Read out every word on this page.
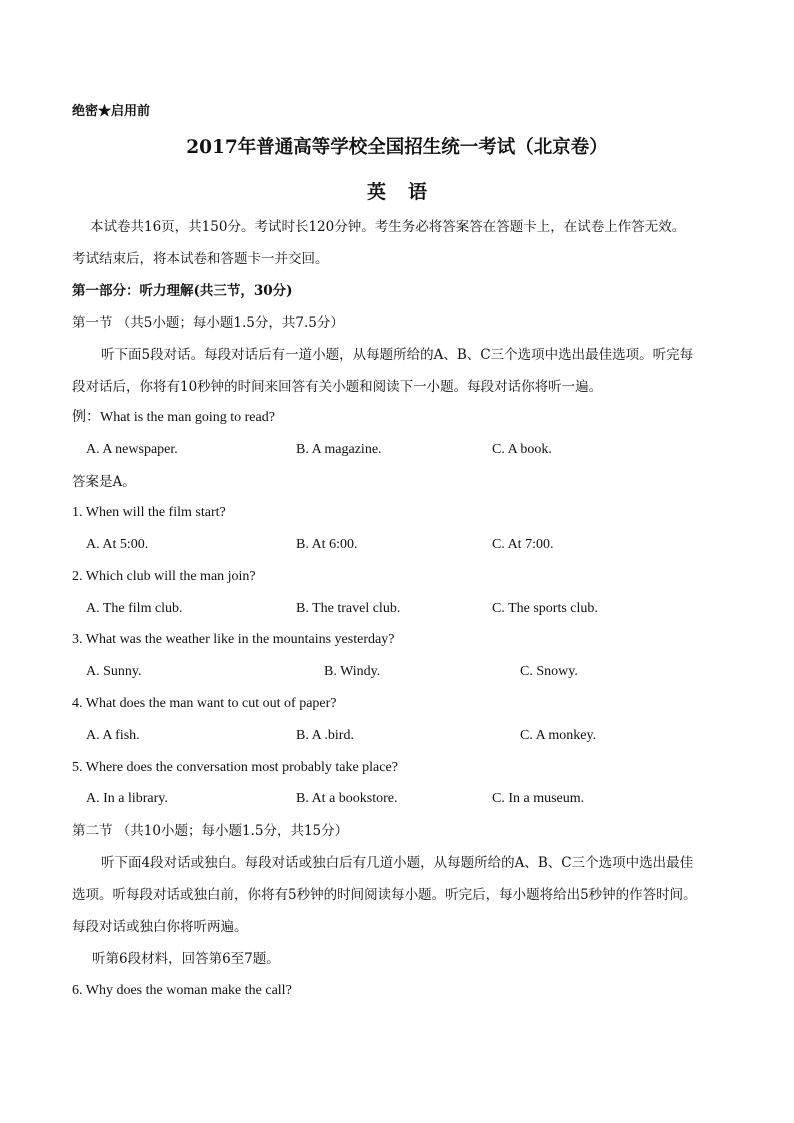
绝密★启用前
2017年普通高等学校全国招生统一考试（北京卷）
英语
本试卷共16页，共150分。考试时长120分钟。考生务必将答案答在答题卡上，在试卷上作答无效。
考试结束后，将本试卷和答题卡一并交回。
第一部分：听力理解(共三节，30分)
第一节 （共5小题；每小题1.5分，共7.5分）
听下面5段对话。每段对话后有一道小题，从每题所给的A、B、C三个选项中选出最佳选项。听完每
段对话后，你将有10秒钟的时间来回答有关小题和阅读下一小题。每段对话你将听一遍。
例：What is the man going to read?
A. A newspaper.	B. A magazine.	C. A book.
答案是A。
1. When will the film start?
A. At 5:00.	B. At 6:00.	C. At 7:00.
2. Which club will the man join?
A. The film club.	B. The travel club.	C. The sports club.
3. What was the weather like in the mountains yesterday?
A. Sunny.	B. Windy.	C. Snowy.
4. What does the man want to cut out of paper?
A. A fish.	B. A .bird.	C. A monkey.
5. Where does the conversation most probably take place?
A. In a library.	B. At a bookstore.	C. In a museum.
第二节 （共10小题；每小题1.5分，共15分）
听下面4段对话或独白。每段对话或独白后有几道小题，从每题所给的A、B、C三个选项中选出最佳
选项。听每段对话或独白前，你将有5秒钟的时间阅读每小题。听完后，每小题将给出5秒钟的作答时间。
每段对话或独白你将听两遍。
听第6段材料，回答第6至7题。
6. Why does the woman make the call?
